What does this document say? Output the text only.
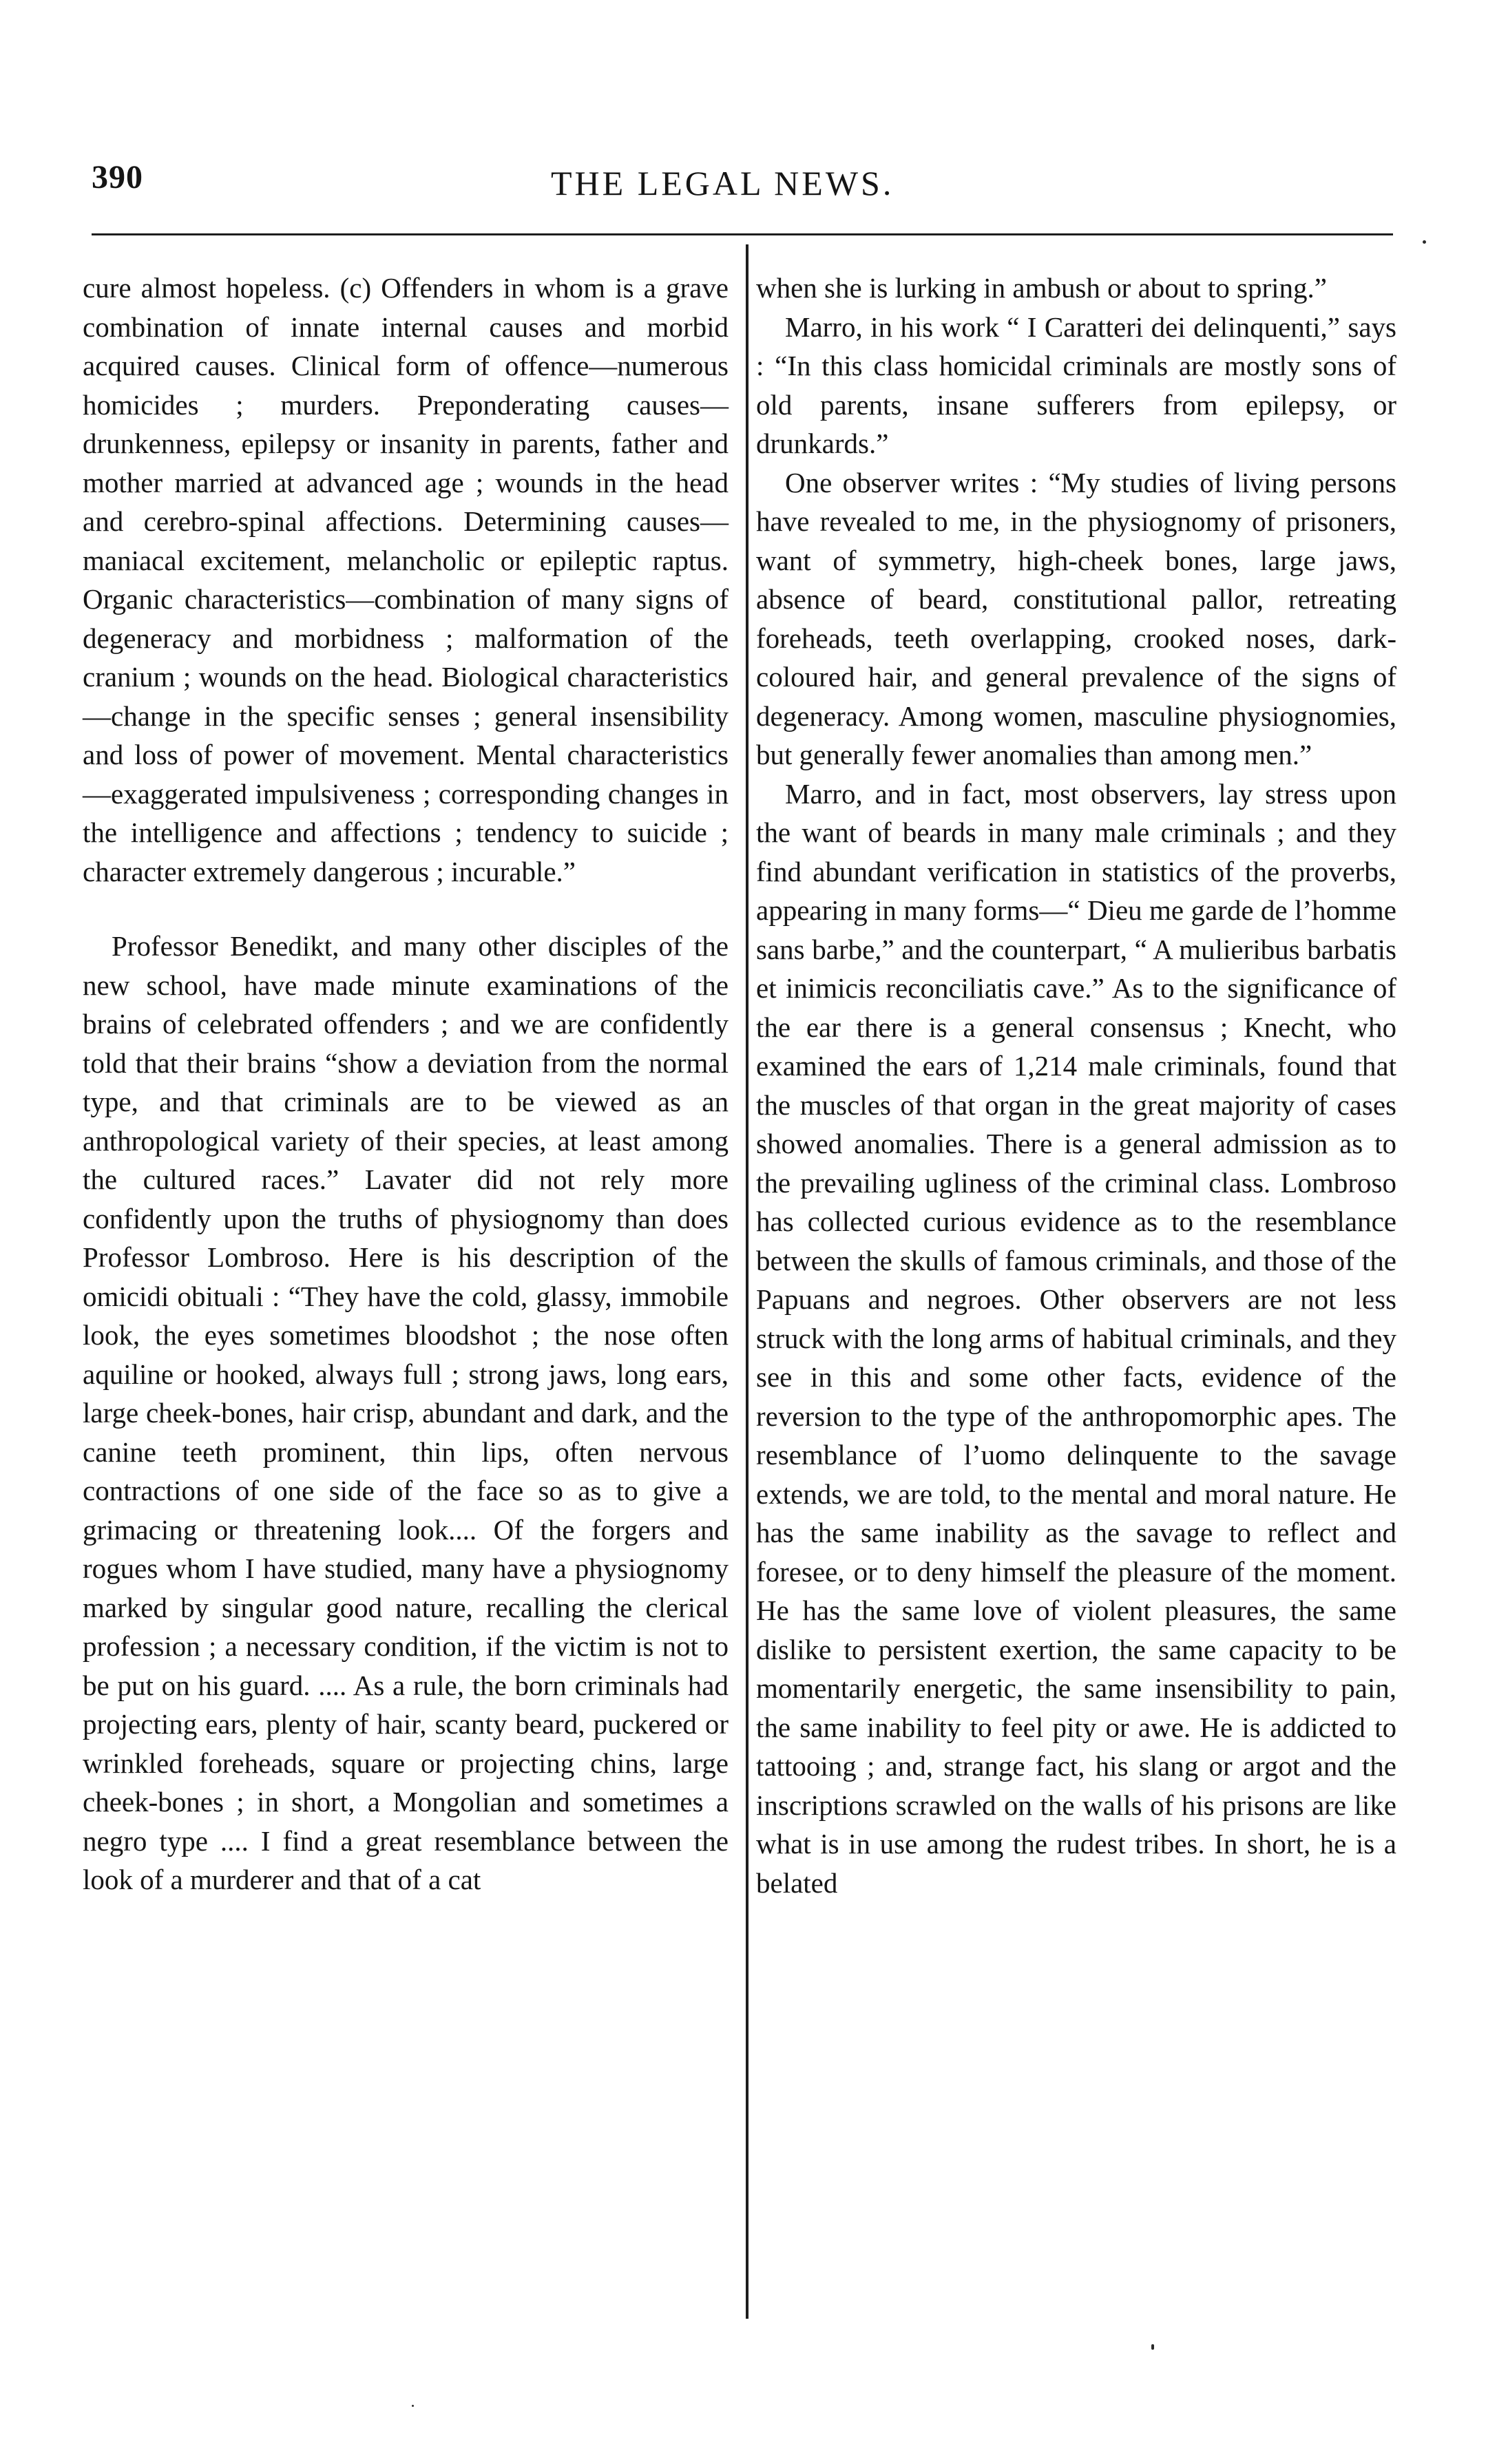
390	THE LEGAL NEWS.

cure almost hopeless. (c) Offenders in whom is a grave combination of innate internal causes and morbid acquired causes. Clinical form of offence—numerous homicides ; murders. Preponderating causes—drunkenness, epilepsy or insanity in parents, father and mother married at advanced age ; wounds in the head and cerebro-spinal affections. Determining causes—maniacal excitement, melancholic or epileptic raptus. Organic characteristics—combination of many signs of degeneracy and morbidness ; malformation of the cranium ; wounds on the head. Biological characteristics—change in the specific senses ; general insensibility and loss of power of movement. Mental characteristics—exaggerated impulsiveness ; corresponding changes in the intelligence and affections ; tendency to suicide ; character extremely dangerous ; incurable.”

Professor Benedikt, and many other disciples of the new school, have made minute examinations of the brains of celebrated offenders ; and we are confidently told that their brains “show a deviation from the normal type, and that criminals are to be viewed as an anthropological variety of their species, at least among the cultured races.” Lavater did not rely more confidently upon the truths of physiognomy than does Professor Lombroso. Here is his description of the omicidi obituali : “They have the cold, glassy, immobile look, the eyes sometimes bloodshot ; the nose often aquiline or hooked, always full ; strong jaws, long ears, large cheek-bones, hair crisp, abundant and dark, and the canine teeth prominent, thin lips, often nervous contractions of one side of the face so as to give a grimacing or threatening look.... Of the forgers and rogues whom I have studied, many have a physiognomy marked by singular good nature, recalling the clerical profession ; a necessary condition, if the victim is not to be put on his guard. .... As a rule, the born criminals had projecting ears, plenty of hair, scanty beard, puckered or wrinkled foreheads, square or projecting chins, large cheek-bones ; in short, a Mongolian and sometimes a negro type .... I find a great resemblance between the look of a murderer and that of a cat

when she is lurking in ambush or about to spring.”

Marro, in his work “ I Caratteri dei delinquenti,” says : “In this class homicidal criminals are mostly sons of old parents, insane sufferers from epilepsy, or drunkards.”

One observer writes : “My studies of living persons have revealed to me, in the physiognomy of prisoners, want of symmetry, high-cheek bones, large jaws, absence of beard, constitutional pallor, retreating foreheads, teeth overlapping, crooked noses, dark-coloured hair, and general prevalence of the signs of degeneracy. Among women, masculine physiognomies, but generally fewer anomalies than among men.”

Marro, and in fact, most observers, lay stress upon the want of beards in many male criminals ; and they find abundant verification in statistics of the proverbs, appearing in many forms—“ Dieu me garde de l’homme sans barbe,” and the counterpart, “ A mulieribus barbatis et inimicis reconciliatis cave.” As to the significance of the ear there is a general consensus ; Knecht, who examined the ears of 1,214 male criminals, found that the muscles of that organ in the great majority of cases showed anomalies. There is a general admission as to the prevailing ugliness of the criminal class. Lombroso has collected curious evidence as to the resemblance between the skulls of famous criminals, and those of the Papuans and negroes. Other observers are not less struck with the long arms of habitual criminals, and they see in this and some other facts, evidence of the reversion to the type of the anthropomorphic apes. The resemblance of l’uomo delinquente to the savage extends, we are told, to the mental and moral nature. He has the same inability as the savage to reflect and foresee, or to deny himself the pleasure of the moment. He has the same love of violent pleasures, the same dislike to persistent exertion, the same capacity to be momentarily energetic, the same insensibility to pain, the same inability to feel pity or awe. He is addicted to tattooing ; and, strange fact, his slang or argot and the inscriptions scrawled on the walls of his prisons are like what is in use among the rudest tribes. In short, he is a belated
